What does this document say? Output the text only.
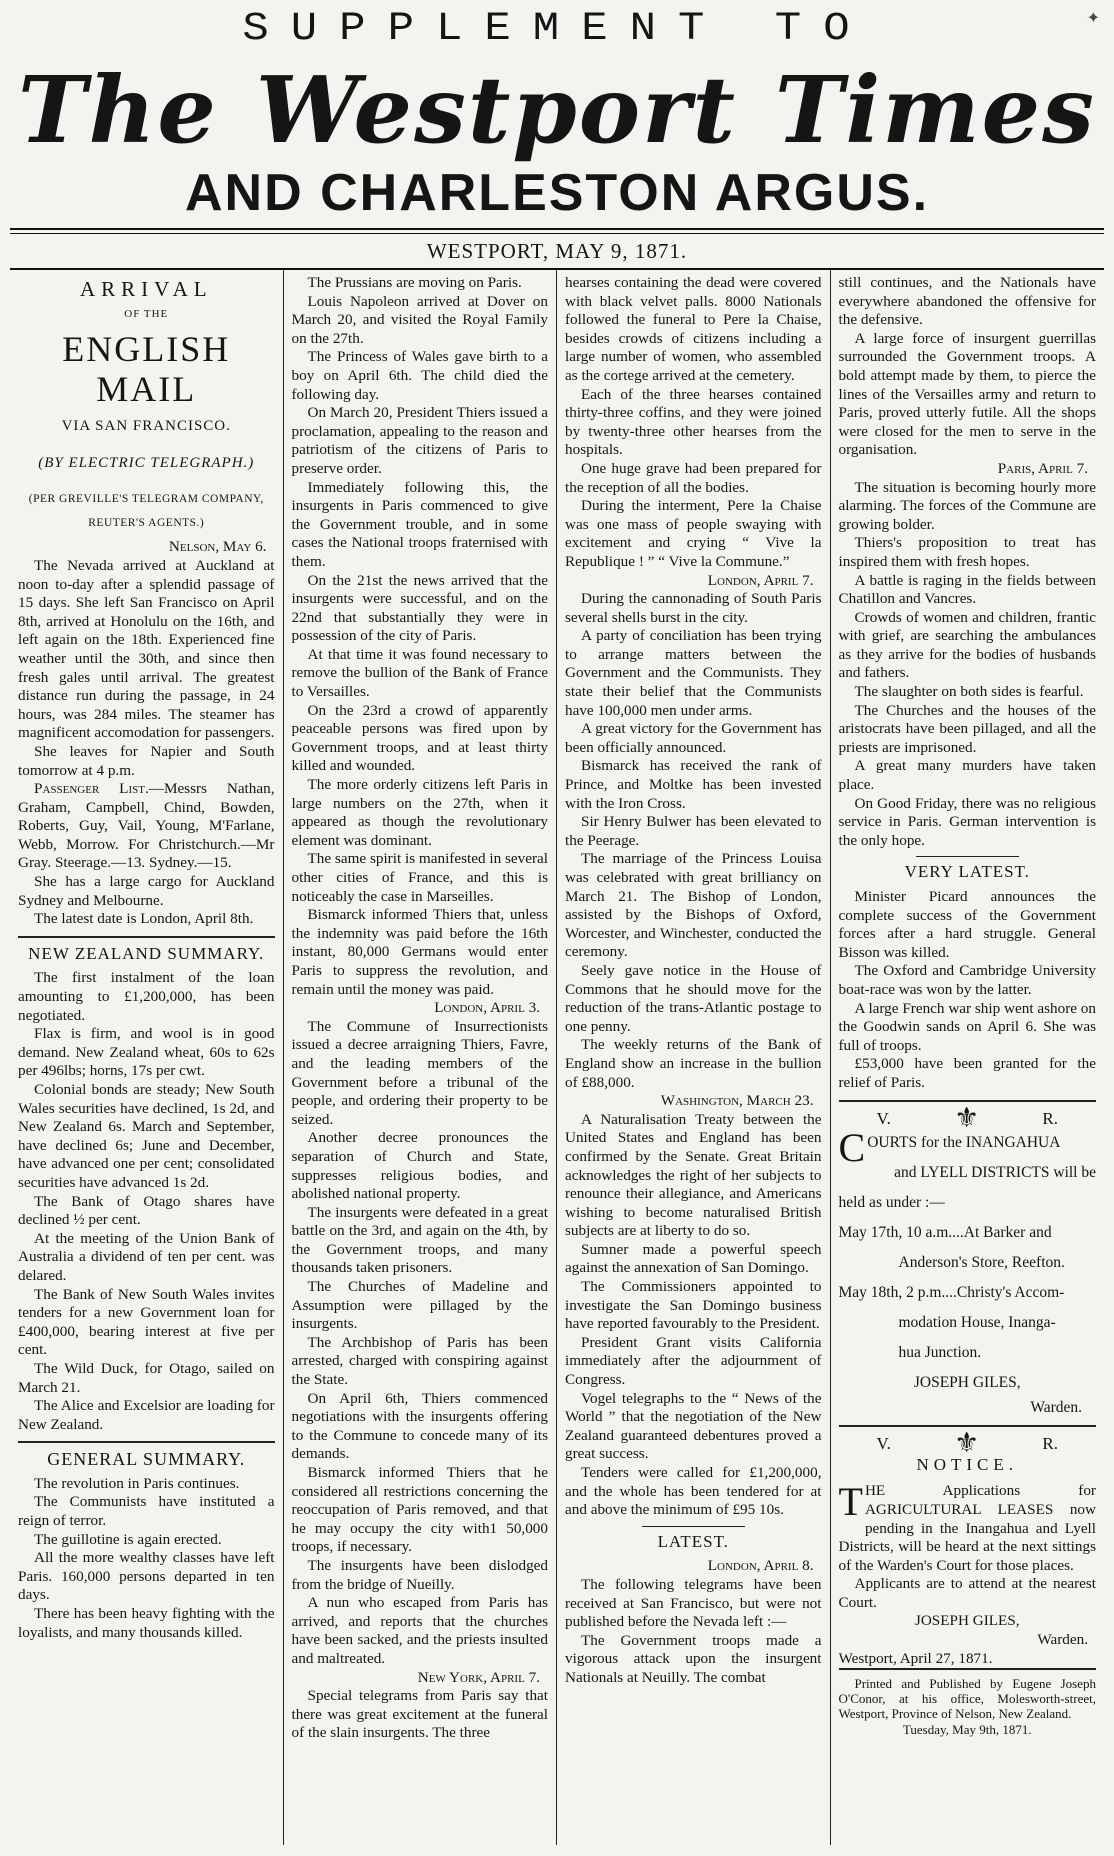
✦
SUPPLEMENT TO
The Westport Times
AND CHARLESTON ARGUS.
WESTPORT, MAY 9, 1871.
ARRIVAL
OF THE
ENGLISH MAIL
VIA SAN FRANCISCO.
(BY ELECTRIC TELEGRAPH.)
(PER GREVILLE'S TELEGRAM COMPANY,
REUTER'S AGENTS.)

Nelson, May 6.

The Nevada arrived at Auckland at noon to-day after a splendid passage of 15 days. She left San Francisco on April 8th, arrived at Honolulu on the 16th, and left again on the 18th. Experienced fine weather until the 30th, and since then fresh gales until arrival. The greatest distance run during the passage, in 24 hours, was 284 miles. The steamer has magnificent accomodation for passengers.

She leaves for Napier and South tomorrow at 4 p.m.

Passenger List.—Messrs Nathan, Graham, Campbell, Chind, Bowden, Roberts, Guy, Vail, Young, M'Farlane, Webb, Morrow. For Christchurch.—Mr Gray. Steerage.—13. Sydney.—15.

She has a large cargo for Auckland Sydney and Melbourne.

The latest date is London, April 8th.

NEW ZEALAND SUMMARY.

The first instalment of the loan amounting to £1,200,000, has been negotiated.

Flax is firm, and wool is in good demand. New Zealand wheat, 60s to 62s per 496lbs; horns, 17s per cwt.

Colonial bonds are steady; New South Wales securities have declined, 1s 2d, and New Zealand 6s. March and September, have declined 6s; June and December, have advanced one per cent; consolidated securities have advanced 1s 2d.

The Bank of Otago shares have declined ½ per cent.

At the meeting of the Union Bank of Australia a dividend of ten per cent. was delared.

The Bank of New South Wales invites tenders for a new Government loan for £400,000, bearing interest at five per cent.

The Wild Duck, for Otago, sailed on March 21.

The Alice and Excelsior are loading for New Zealand.

GENERAL SUMMARY.

The revolution in Paris continues.

The Communists have instituted a reign of terror.

The guillotine is again erected.

All the more wealthy classes have left Paris. 160,000 persons departed in ten days.

There has been heavy fighting with the loyalists, and many thousands killed.

The Prussians are moving on Paris.

Louis Napoleon arrived at Dover on March 20, and visited the Royal Family on the 27th.

The Princess of Wales gave birth to a boy on April 6th. The child died the following day.

On March 20, President Thiers issued a proclamation, appealing to the reason and patriotism of the citizens of Paris to preserve order.

Immediately following this, the insurgents in Paris commenced to give the Government trouble, and in some cases the National troops fraternised with them.

On the 21st the news arrived that the insurgents were successful, and on the 22nd that substantially they were in possession of the city of Paris.

At that time it was found necessary to remove the bullion of the Bank of France to Versailles.

On the 23rd a crowd of apparently peaceable persons was fired upon by Government troops, and at least thirty killed and wounded.

The more orderly citizens left Paris in large numbers on the 27th, when it appeared as though the revolutionary element was dominant.

The same spirit is manifested in several other cities of France, and this is noticeably the case in Marseilles.

Bismarck informed Thiers that, unless the indemnity was paid before the 16th instant, 80,000 Germans would enter Paris to suppress the revolution, and remain until the money was paid.

London, April 3.

The Commune of Insurrectionists issued a decree arraigning Thiers, Favre, and the leading members of the Government before a tribunal of the people, and ordering their property to be seized.

Another decree pronounces the separation of Church and State, suppresses religious bodies, and abolished national property.

The insurgents were defeated in a great battle on the 3rd, and again on the 4th, by the Government troops, and many thousands taken prisoners.

The Churches of Madeline and Assumption were pillaged by the insurgents.

The Archbishop of Paris has been arrested, charged with conspiring against the State.

On April 6th, Thiers commenced negotiations with the insurgents offering to the Commune to concede many of its demands.

Bismarck informed Thiers that he considered all restrictions concerning the reoccupation of Paris removed, and that he may occupy the city with1 50,000 troops, if necessary.

The insurgents have been dislodged from the bridge of Nueilly.

A nun who escaped from Paris has arrived, and reports that the churches have been sacked, and the priests insulted and maltreated.

New York, April 7.

Special telegrams from Paris say that there was great excitement at the funeral of the slain insurgents. The three

hearses containing the dead were covered with black velvet palls. 8000 Nationals followed the funeral to Pere la Chaise, besides crowds of citizens including a large number of women, who assembled as the cortege arrived at the cemetery.

Each of the three hearses contained thirty-three coffins, and they were joined by twenty-three other hearses from the hospitals.

One huge grave had been prepared for the reception of all the bodies.

During the interment, Pere la Chaise was one mass of people swaying with excitement and crying “ Vive la Republique ! ” “ Vive la Commune.”

London, April 7.

During the cannonading of South Paris several shells burst in the city.

A party of conciliation has been trying to arrange matters between the Government and the Communists. They state their belief that the Communists have 100,000 men under arms.

A great victory for the Government has been officially announced.

Bismarck has received the rank of Prince, and Moltke has been invested with the Iron Cross.

Sir Henry Bulwer has been elevated to the Peerage.

The marriage of the Princess Louisa was celebrated with great brilliancy on March 21. The Bishop of London, assisted by the Bishops of Oxford, Worcester, and Winchester, conducted the ceremony.

Seely gave notice in the House of Commons that he should move for the reduction of the trans-Atlantic postage to one penny.

The weekly returns of the Bank of England show an increase in the bullion of £88,000.

Washington, March 23.

A Naturalisation Treaty between the United States and England has been confirmed by the Senate. Great Britain acknowledges the right of her subjects to renounce their allegiance, and Americans wishing to become naturalised British subjects are at liberty to do so.

Sumner made a powerful speech against the annexation of San Domingo.

The Commissioners appointed to investigate the San Domingo business have reported favourably to the President.

President Grant visits California immediately after the adjournment of Congress.

Vogel telegraphs to the “ News of the World ” that the negotiation of the New Zealand guaranteed debentures proved a great success.

Tenders were called for £1,200,000, and the whole has been tendered for at and above the minimum of £95 10s.

LATEST.

London, April 8.

The following telegrams have been received at San Francisco, but were not published before the Nevada left :—

The Government troops made a vigorous attack upon the insurgent Nationals at Neuilly. The combat

still continues, and the Nationals have everywhere abandoned the offensive for the defensive.

A large force of insurgent guerrillas surrounded the Government troops. A bold attempt made by them, to pierce the lines of the Versailles army and return to Paris, proved utterly futile. All the shops were closed for the men to serve in the organisation.

Paris, April 7.

The situation is becoming hourly more alarming. The forces of the Commune are growing bolder.

Thiers's proposition to treat has inspired them with fresh hopes.

A battle is raging in the fields between Chatillon and Vancres.

Crowds of women and children, frantic with grief, are searching the ambulances as they arrive for the bodies of husbands and fathers.

The slaughter on both sides is fearful.

The Churches and the houses of the aristocrats have been pillaged, and all the priests are imprisoned.

A great many murders have taken place.

On Good Friday, there was no religious service in Paris. German intervention is the only hope.

VERY LATEST.

Minister Picard announces the complete success of the Government forces after a hard struggle. General Bisson was killed.

The Oxford and Cambridge University boat-race was won by the latter.

A large French war ship went ashore on the Goodwin sands on April 6. She was full of troops.

£53,000 have been granted for the relief of Paris.

V. ⚜	R.
COURTS for the INANGAHUA
and LYELL DISTRICTS will be
held as under :—
May 17th, 10 a.m....At Barker and
Anderson's Store, Reefton.
May 18th, 2 p.m....Christy's Accom-
modation House, Inanga-
hua Junction.
JOSEPH GILES,
Warden.
V. ⚜	R.
NOTICE.

THE Applications for AGRICULTURAL LEASES now pending in the Inangahua and Lyell Districts, will be heard at the next sittings of the Warden's Court for those places.

Applicants are to attend at the nearest Court.

JOSEPH GILES,

Warden.

Westport, April 27, 1871.

Printed and Published by Eugene Joseph O'Conor, at his office, Molesworth-street, Westport, Province of Nelson, New Zealand.

Tuesday, May 9th, 1871.
